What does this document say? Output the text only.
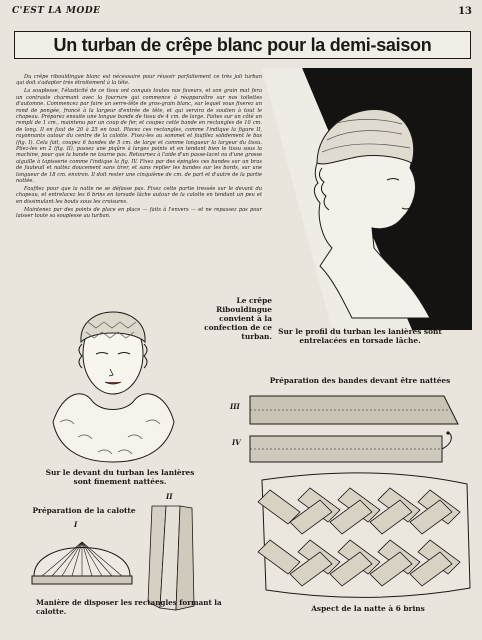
C'EST LA MODE	13
Un turban de crêpe blanc pour la demi-saison

Du crêpe ribouldingue blanc est nécessaire pour réussir parfaitement ce très joli turban qui doit s'adapter très étroitement à la tête.

La souplesse, l'élasticité de ce tissu ont conquis toutes nos faveurs, et son grain mat fera un contraste charmant avec la fourrure qui commence à réapparaître sur nos toilettes d'automne. Commencez par faire un serre-tête de gros-grain blanc, sur lequel vous fixerez un rond de pongée, froncé à la largeur d'entrée de tête, et qui servira de soutien à tout le chapeau. Préparez ensuite une longue bande de tissu de 4 cm. de large. Faites sur un côté un rempli de 1 cm., maintenu par un coup de fer, et coupez cette bande en rectangles de 10 cm. de long. Il en faut de 20 à 25 en tout. Placez ces rectangles, comme l'indique la figure II, rayonnants autour du centre de la calotte. Fixez-les au sommet et faufilez solidement le bas (fig. I). Cela fait, coupez 6 bandes de 5 cm. de large et comme longueur la largeur du tissu. Pliez-les en 2 (fig. II), passez une piqûre à larges points et en tendant bien le tissu sous la machine, pour que la bande ne tourne pas. Retournez à l'aide d'un passe-lacet ou d'une grosse aiguille à tapisserie comme l'indique la fig. IV. Fixez par des épingles ces bandes sur un bras de fauteuil et nattez doucement sans tirer, et sans replier les bandes sur les bords, sur une longueur de 18 cm. environ. Il doit rester une cinquième de cm. de part et d'autre de la partie nattée.

Faufilez pour que la natte ne se défasse pas. Fixez cette partie tressée sur le devant du chapeau, et entrelacez les 6 brins en torsade lâche autour de la calotte en tendant un peu et en dissimulant les bouts sous les croisures.

Maintenez par des points de place en place — faits à l'envers — et ne repassez pas pour laisser toute sa souplesse au turban.

Sur le profil du turban les lanières sont entrelacées en torsade lâche.
Le crêpe Ribouldingue convient à la confection de ce turban.
Sur le devant du turban les lanières sont finement nattées.
Préparation des bandes devant être nattées
III
IV
Aspect de la natte à 6 brins
Préparation de la calotte
I
II
Manière de disposer les rectangles formant la calotte.
